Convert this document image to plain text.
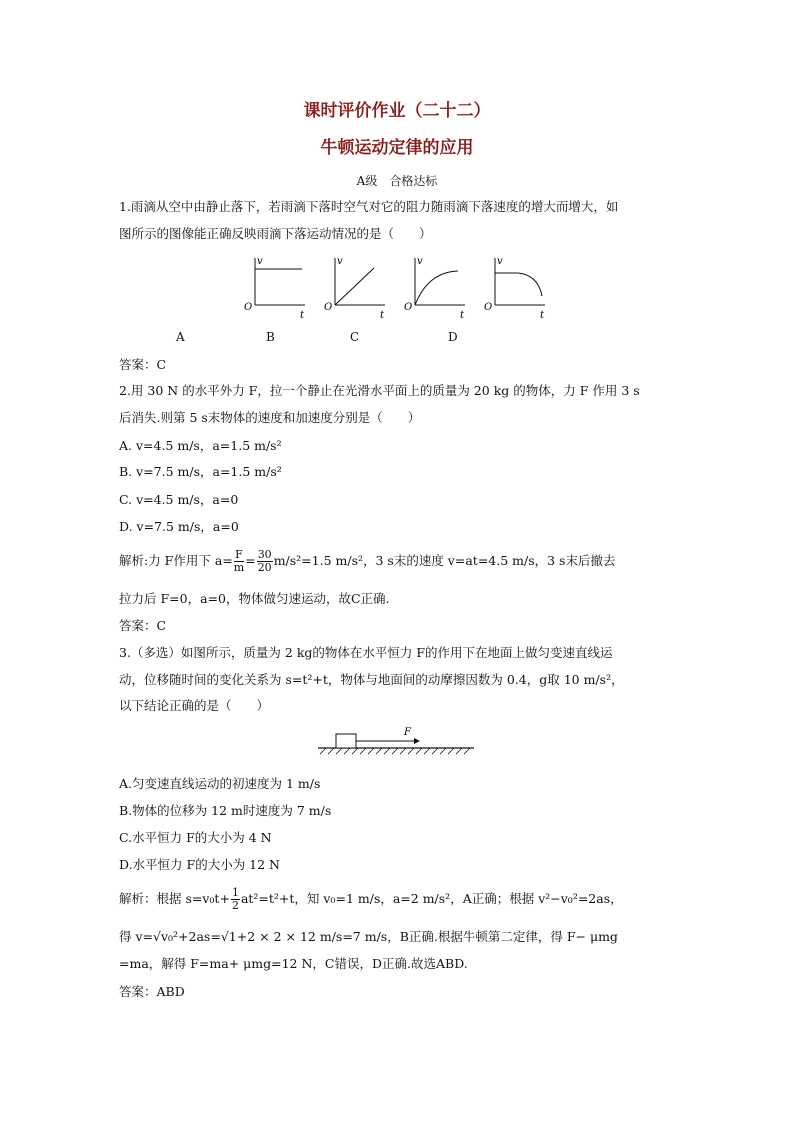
课时评价作业（二十二）
牛顿运动定律的应用
A级　合格达标
1.雨滴从空中由静止落下，若雨滴下落时空气对它的阻力随雨滴下落速度的增大而增大，如
图所示的图像能正确反映雨滴下落运动情况的是（　　）
v
O
t
v
O
t
v
O
t
v
O
t
A	B	C	D
答案：C
2.用 30 N 的水平外力 F，拉一个静止在光滑水平面上的质量为 20 kg 的物体，力 F 作用 3 s
后消失.则第 5 s末物体的速度和加速度分别是（　　）
A. v=4.5 m/s，a=1.5 m/s²
B. v=7.5 m/s，a=1.5 m/s²
C. v=4.5 m/s，a=0
D. v=7.5 m/s，a=0
解析:力 F作用下 $a= \frac{F}{m} = \frac{30}{20} m/s^2=1.5$ m/s²，3 s末的速度 v=at=4.5 m/s，3 s末后撤去
拉力后 F=0，a=0，物体做匀速运动，故C正确.
答案：C
3.（多选）如图所示，质量为 2 kg的物体在水平恒力 F的作用下在地面上做匀变速直线运
动，位移随时间的变化关系为 s=t²+t，物体与地面间的动摩擦因数为 0.4，g取 10 m/s²，
以下结论正确的是（　　）
F
A.匀变速直线运动的初速度为 1 m/s
B.物体的位移为 12 m时速度为 7 m/s
C.水平恒力 F的大小为 4 N
D.水平恒力 F的大小为 12 N
解析：根据 $s=v_0t+ \frac{1}{2} at^2=t^2+t$，知 v₀=1 m/s，a=2 m/s²，A正确；根据 v²−v₀²=2as，
得 v=√v₀²+2as=√1+2 × 2 × 12 m/s=7 m/s，B正确.根据牛顿第二定律，得 F− μmg
=ma，解得 F=ma+ μmg=12 N，C错误，D正确.故选ABD.
答案：ABD
